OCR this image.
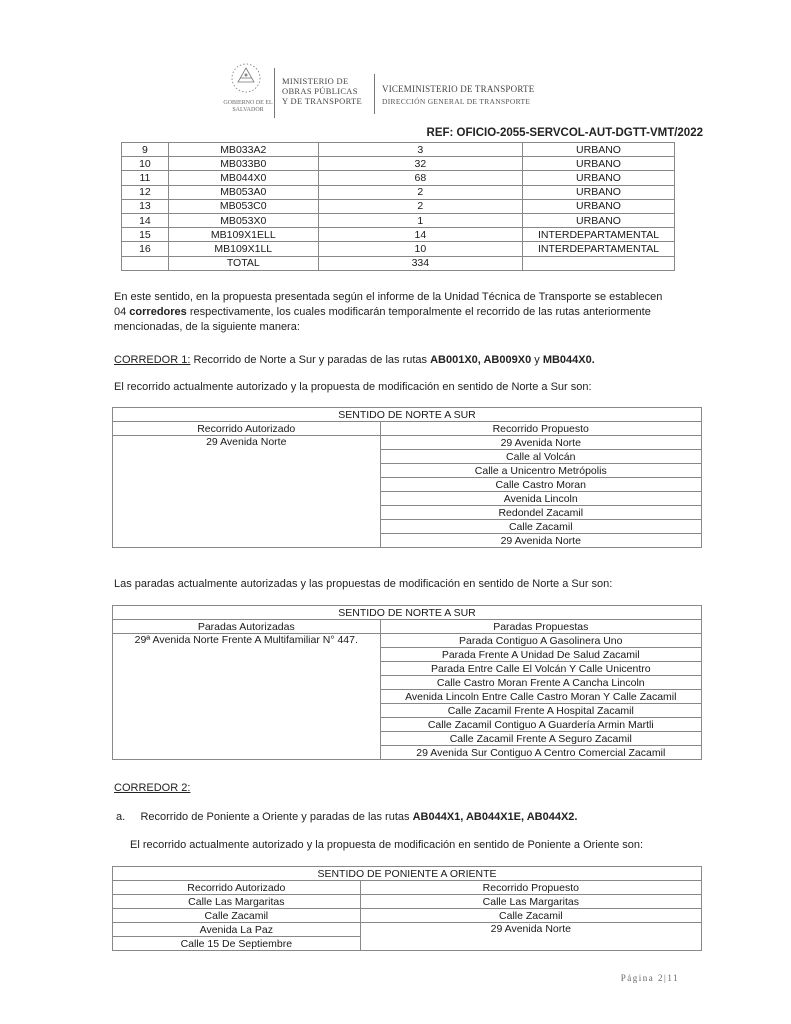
GOBIERNO DE EL SALVADOR
MINISTERIO DE
OBRAS PÚBLICAS
Y DE TRANSPORTE
VICEMINISTERIO DE TRANSPORTE
DIRECCIÓN GENERAL DE TRANSPORTE
REF: OFICIO-2055-SERVCOL-AUT-DGTT-VMT/2022
9	MB033A2	3	URBANO
10	MB033B0	32	URBANO
11	MB044X0	68	URBANO
12	MB053A0	2	URBANO
13	MB053C0	2	URBANO
14	MB053X0	1	URBANO
15	MB109X1ELL	14	INTERDEPARTAMENTAL
16	MB109X1LL	10	INTERDEPARTAMENTAL
	TOTAL	334	
En este sentido, en la propuesta presentada según el informe de la Unidad Técnica de Transporte se establecen
04 corredores respectivamente, los cuales modificarán temporalmente el recorrido de las rutas anteriormente
mencionadas, de la siguiente manera:
CORREDOR 1: Recorrido de Norte a Sur y paradas de las rutas AB001X0, AB009X0 y MB044X0.
El recorrido actualmente autorizado y la propuesta de modificación en sentido de Norte a Sur son:
SENTIDO DE NORTE A SUR	
Recorrido Autorizado	Recorrido Propuesto
29 Avenida Norte	29 Avenida Norte
	Calle al Volcán
	Calle a Unicentro Metrópolis
	Calle Castro Moran
	Avenida Lincoln
	Redondel Zacamil
	Calle Zacamil
	29 Avenida Norte
Las paradas actualmente autorizadas y las propuestas de modificación en sentido de Norte a Sur son:
SENTIDO DE NORTE A SUR	
Paradas Autorizadas	Paradas Propuestas
29ª Avenida Norte Frente A Multifamiliar N° 447.	Parada Contiguo A Gasolinera Uno
	Parada Frente A Unidad De Salud Zacamil
	Parada Entre Calle El Volcán Y Calle Unicentro
	Calle Castro Moran Frente A Cancha Lincoln
	Avenida Lincoln Entre Calle Castro Moran Y Calle Zacamil
	Calle Zacamil Frente A Hospital Zacamil
	Calle Zacamil Contiguo A Guardería Armin Martli
	Calle Zacamil Frente A Seguro Zacamil
	29 Avenida Sur Contiguo A Centro Comercial Zacamil
CORREDOR 2:
a. Recorrido de Poniente a Oriente y paradas de las rutas AB044X1, AB044X1E, AB044X2.
El recorrido actualmente autorizado y la propuesta de modificación en sentido de Poniente a Oriente son:
SENTIDO DE PONIENTE A ORIENTE	
Recorrido Autorizado	Recorrido Propuesto
Calle Las Margaritas	Calle Las Margaritas
Calle Zacamil	Calle Zacamil
Avenida La Paz	29 Avenida Norte
Calle 15 De Septiembre	
Página 2|11
